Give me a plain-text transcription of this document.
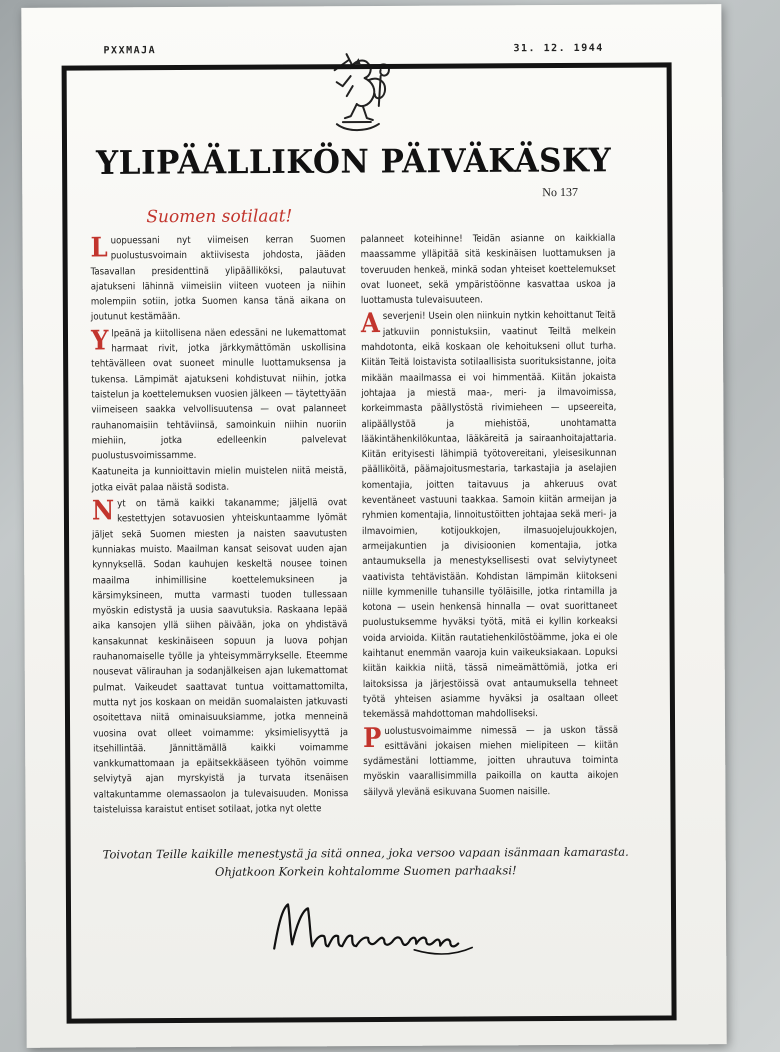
PXXMAJA	31. 12. 1944
YLIPÄÄLLIKÖN PÄIVÄKÄSKY
No 137
Suomen sotilaat!

Luopuessani nyt viimeisen kerran Suomen puolustusvoimain aktiivisesta johdosta, jääden Tasavallan presidenttinä ylipäälliköksi, palautuvat ajatukseni lähinnä viimeisiin viiteen vuoteen ja niihin molempiin sotiin, jotka Suomen kansa tänä aikana on joutunut kestämään.

Ylpeänä ja kiitollisena näen edessäni ne lukemattomat harmaat rivit, jotka järkkymättömän uskollisina tehtävälleen ovat suoneet minulle luottamuksensa ja tukensa. Lämpimät ajatukseni kohdistuvat niihin, jotka taistelun ja koettelemuksen vuosien jälkeen — täytettyään viimeiseen saakka velvollisuutensa — ovat palanneet rauhanomaisiin tehtäviinsä, samoinkuin niihin nuoriin miehiin, jotka edelleenkin palvelevat puolustusvoimissamme.

Kaatuneita ja kunnioittavin mielin muistelen niitä meistä, jotka eivät palaa näistä sodista.

Nyt on tämä kaikki takanamme; jäljellä ovat kestettyjen sotavuosien yhteiskuntaamme lyömät jäljet sekä Suomen miesten ja naisten saavutusten kunniakas muisto. Maailman kansat seisovat uuden ajan kynnyksellä. Sodan kauhujen keskeltä nousee toinen maailma inhimillisine koettelemuksineen ja kärsimyksineen, mutta varmasti tuoden tullessaan myöskin edistystä ja uusia saavutuksia. Raskaana lepää aika kansojen yllä siihen päivään, joka on yhdistävä kansakunnat keskinäiseen sopuun ja luova pohjan rauhanomaiselle työlle ja yhteisymmärrykselle. Eteemme nousevat välirauhan ja sodanjälkeisen ajan lukemattomat pulmat. Vaikeudet saattavat tuntua voittamattomilta, mutta nyt jos koskaan on meidän suomalaisten jatkuvasti osoitettava niitä ominaisuuksiamme, jotka menneinä vuosina ovat olleet voimamme: yksimielisyyttä ja itsehillintää. Jännittämällä kaikki voimamme vankkumattomaan ja epäitsekkääseen työhön voimme selviytyä ajan myrskyistä ja turvata itsenäisen valtakuntamme olemassaolon ja tulevaisuuden. Monissa taisteluissa karaistut entiset sotilaat, jotka nyt olette

palanneet koteihinne! Teidän asianne on kaikkialla maassamme ylläpitää sitä keskinäisen luottamuksen ja toveruuden henkeä, minkä sodan yhteiset koettelemukset ovat luoneet, sekä ympäristöönne kasvattaa uskoa ja luottamusta tulevaisuuteen.

Aseverjeni! Usein olen niinkuin nytkin kehoittanut Teitä jatkuviin ponnistuksiin, vaatinut Teiltä melkein mahdotonta, eikä koskaan ole kehoitukseni ollut turha. Kiitän Teitä loistavista sotilaallisista suorituksistanne, joita mikään maailmassa ei voi himmentää. Kiitän jokaista johtajaa ja miestä maa-, meri- ja ilmavoimissa, korkeimmasta päällystöstä rivimieheen — upseereita, alipäällystöä ja miehistöä, unohtamatta lääkintähenkilökuntaa, lääkäreitä ja sairaanhoitajattaria. Kiitän erityisesti lähimpiä työtovereitani, yleisesikunnan päälliköitä, päämajoitusmestaria, tarkastajia ja aselajien komentajia, joitten taitavuus ja ahkeruus ovat keventäneet vastuuni taakkaa. Samoin kiitän armeijan ja ryhmien komentajia, linnoitustöitten johtajaa sekä meri- ja ilmavoimien, kotijoukkojen, ilmasuojelujoukkojen, armeijakuntien ja divisioonien komentajia, jotka antaumuksella ja menestyksellisesti ovat selviytyneet vaativista tehtävistään. Kohdistan lämpimän kiitokseni niille kymmenille tuhansille työläisille, jotka rintamilla ja kotona — usein henkensä hinnalla — ovat suorittaneet puolustuksemme hyväksi työtä, mitä ei kyllin korkeaksi voida arvioida. Kiitän rautatiehenkilöstöämme, joka ei ole kaihtanut enemmän vaaroja kuin vaikeuksiakaan. Lopuksi kiitän kaikkia niitä, tässä nimeämättömiä, jotka eri laitoksissa ja järjestöissä ovat antaumuksella tehneet työtä yhteisen asiamme hyväksi ja osaltaan olleet tekemässä mahdottoman mahdolliseksi.

Puolustusvoimaimme nimessä — ja uskon tässä esittäväni jokaisen miehen mielipiteen — kiitän sydämestäni lottiamme, joitten uhrautuva toiminta myöskin vaarallisimmilla paikoilla on kautta aikojen säilyvä ylevänä esikuvana Suomen naisille.

Toivotan Teille kaikille menestystä ja sitä onnea, joka versoo vapaan isänmaan kamarasta.
Ohjatkoon Korkein kohtalomme Suomen parhaaksi!
